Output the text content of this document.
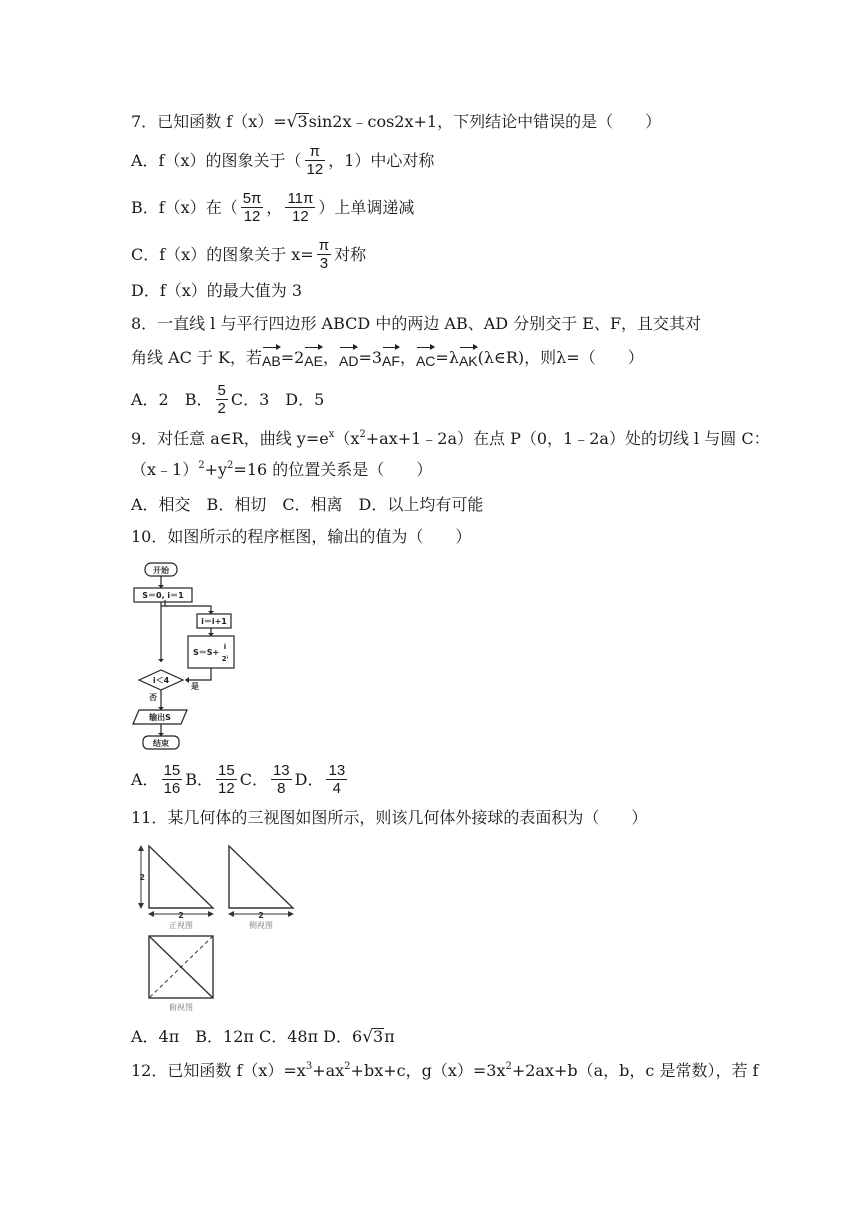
7．已知函数 f（x）=√3sin2x﹣cos2x+1，下列结论中错误的是（　　）
A．f（x）的图象关于（ $\frac{\pi}{12}$ ，1）中心对称
B．f（x）在（ $\frac{5\pi}{12}$ ， $\frac{11\pi}{12}$ ）上单调递减
C．f（x）的图象关于 $x= \frac{\pi}{3}$ 对称
D．f（x）的最大值为 3
8．一直线 l 与平行四边形 ABCD 中的两边 AB、AD 分别交于 E、F，且交其对
角线 AC 于 K，若AB=2AE，AD=3AF，AC=λAK(λ∈R)，则λ=（　　）
A．2　B． $\frac{5}{2}$ C．3　D．5
9．对任意 a∈R，曲线 $y=e^x(x^2+ax+1﹣2a)$在点 P（0，1﹣2a）处的切线 l 与圆 C：
$(x﹣1)^2+y^2=16$ 的位置关系是（　　）
A．相交　B．相切　C．相离　D．以上均有可能
10．如图所示的程序框图，输出的值为（　　）
开始
S＝0, i＝1
i＝i+1
S＝S+
i
2ⁱ
i＜4
是
否
输出S
结束
A． $\frac{15}{16}$ B． $\frac{15}{12}$ C． $\frac{13}{8}$ D． $\frac{13}{4}$
11．某几何体的三视图如图所示，则该几何体外接球的表面积为（　　）
2
2	2
正视图	侧视图
俯视图
A．4π　B．12π C．48π D．6√3π
12．已知函数 $f(x)=x^3+ax^2+bx+c$，$g(x)=3x^2+2ax+b(a$，b，c 是常数），若 f
